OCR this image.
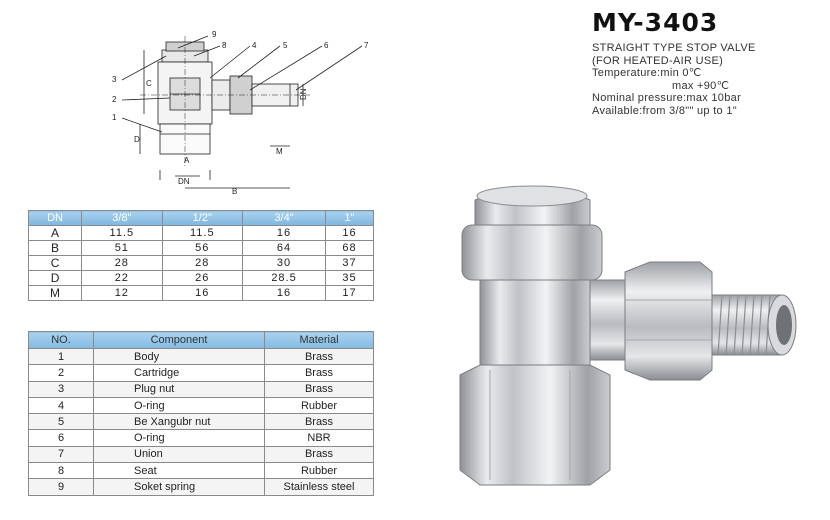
9
8	4	5	6	7
3
2
1
C
D
A
DN
B
M
DN
MY-3403
STRAIGHT TYPE STOP VALVE
(FOR HEATED-AIR USE)
Temperature:min 0℃
max +90℃
Nominal pressure:max 10bar
Available:from 3/8"" up to 1"
DN	3/8"	1/2"	3/4"	1"
A	11.5	11.5	16	16
B	51	56	64	68
C	28	28	30	37
D	22	26	28.5	35
M	12	16	16	17
NO.	Component	Material
1	Body	Brass
2	Cartridge	Brass
3	Plug nut	Brass
4	O-ring	Rubber
5	Be Xangubr nut	Brass
6	O-ring	NBR
7	Union	Brass
8	Seat	Rubber
9	Soket spring	Stainless steel
